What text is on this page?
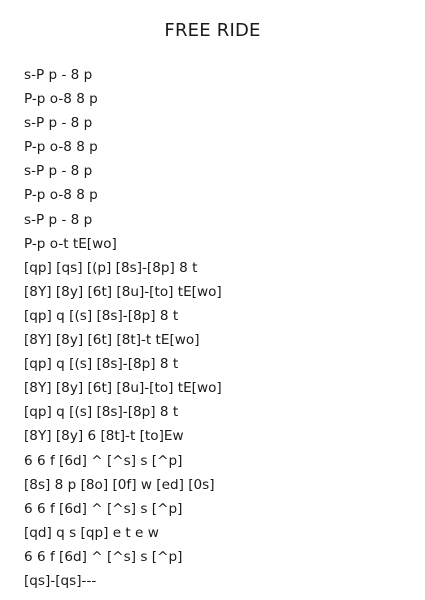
FREE RIDE
s-P p - 8 p
P-p o-8 8 p
s-P p - 8 p
P-p o-8 8 p
s-P p - 8 p
P-p o-8 8 p
s-P p - 8 p
P-p o-t tE[wo]
[qp] [qs] [(p] [8s]-[8p] 8 t
[8Y] [8y] [6t] [8u]-[to] tE[wo]
[qp] q [(s] [8s]-[8p] 8 t
[8Y] [8y] [6t] [8t]-t tE[wo]
[qp] q [(s] [8s]-[8p] 8 t
[8Y] [8y] [6t] [8u]-[to] tE[wo]
[qp] q [(s] [8s]-[8p] 8 t
[8Y] [8y] 6 [8t]-t [to]Ew
6 6 f [6d] ^ [^s] s [^p]
[8s] 8 p [8o] [0f] w [ed] [0s]
6 6 f [6d] ^ [^s] s [^p]
[qd] q s [qp] e t e w
6 6 f [6d] ^ [^s] s [^p]
[qs]-[qs]---
